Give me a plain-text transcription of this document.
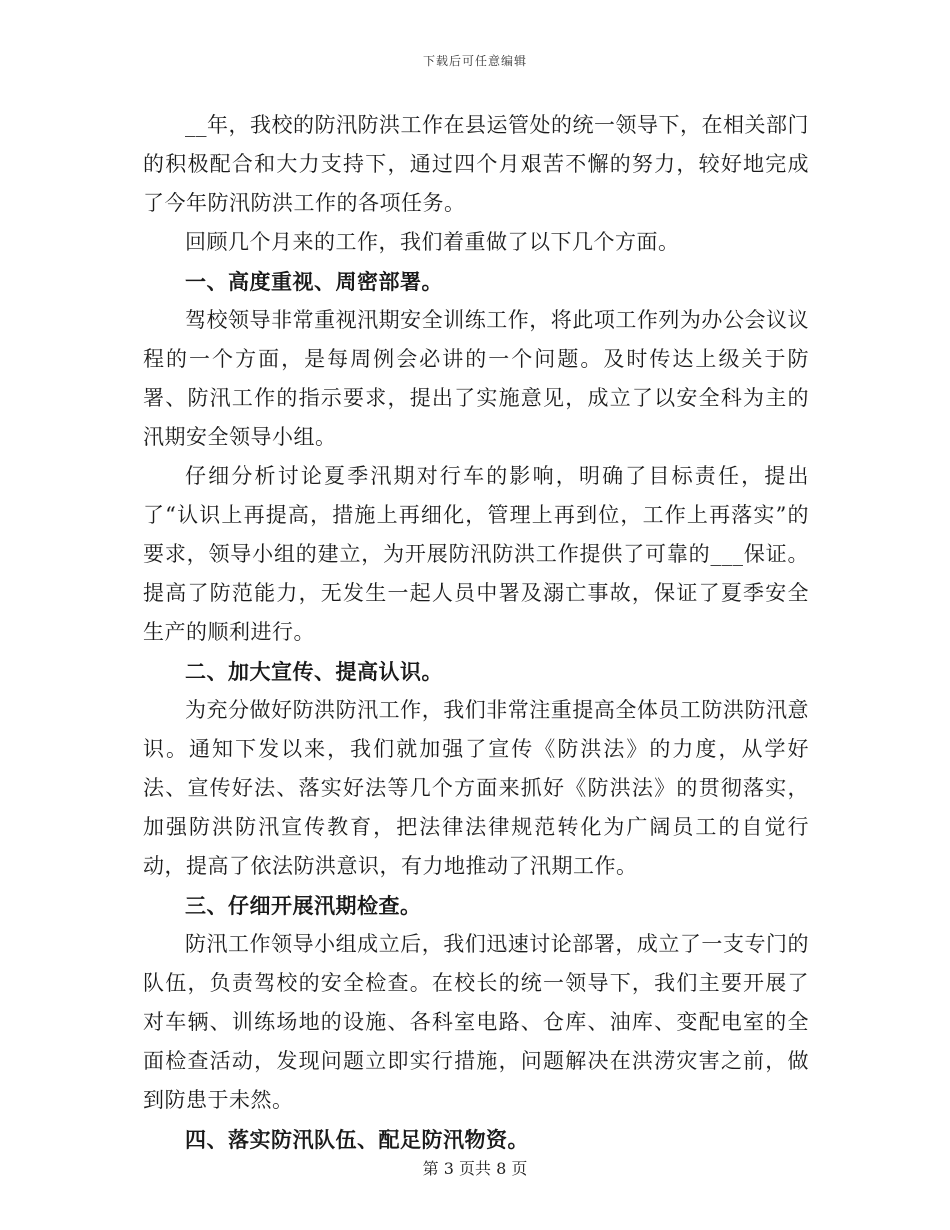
下载后可任意编辑

__年，我校的防汛防洪工作在县运管处的统一领导下，在相关部门的积极配合和大力支持下，通过四个月艰苦不懈的努力，较好地完成了今年防汛防洪工作的各项任务。

回顾几个月来的工作，我们着重做了以下几个方面。

一、高度重视、周密部署。

驾校领导非常重视汛期安全训练工作，将此项工作列为办公会议议程的一个方面，是每周例会必讲的一个问题。及时传达上级关于防署、防汛工作的指示要求，提出了实施意见，成立了以安全科为主的汛期安全领导小组。

仔细分析讨论夏季汛期对行车的影响，明确了目标责任，提出了“认识上再提高，措施上再细化，管理上再到位，工作上再落实”的要求，领导小组的建立，为开展防汛防洪工作提供了可靠的___保证。提高了防范能力，无发生一起人员中署及溺亡事故，保证了夏季安全生产的顺利进行。

二、加大宣传、提高认识。

为充分做好防洪防汛工作，我们非常注重提高全体员工防洪防汛意识。通知下发以来，我们就加强了宣传《防洪法》的力度，从学好法、宣传好法、落实好法等几个方面来抓好《防洪法》的贯彻落实，加强防洪防汛宣传教育，把法律法律规范转化为广阔员工的自觉行动，提高了依法防洪意识，有力地推动了汛期工作。

三、仔细开展汛期检查。

防汛工作领导小组成立后，我们迅速讨论部署，成立了一支专门的队伍，负责驾校的安全检查。在校长的统一领导下，我们主要开展了对车辆、训练场地的设施、各科室电路、仓库、油库、变配电室的全面检查活动，发现问题立即实行措施，问题解决在洪涝灾害之前，做到防患于未然。

四、落实防汛队伍、配足防汛物资。

第 3 页共 8 页
